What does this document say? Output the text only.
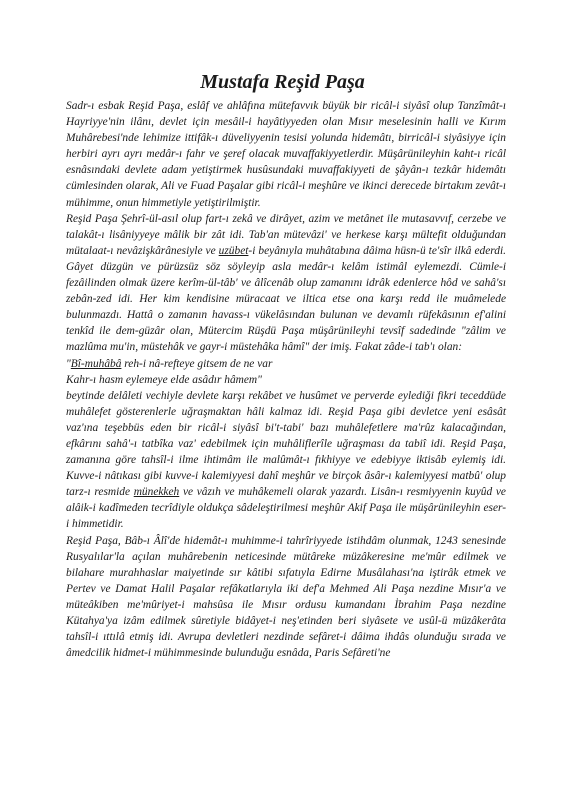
Mustafa Reşid Paşa

Sadr-ı esbak Reşid Paşa, eslâf ve ahlâfına mütefavvık büyük bir ricâl-i siyâsî olup Tanzîmât-ı Hayriyye'nin ilânı, devlet için mesâil-i hayâtiyyeden olan Mısır meselesinin halli ve Kırım Muhârebesi'nde lehimize ittifâk-ı düveliyyenin tesisi yolunda hidemâtı, birricâl-i siyâsiyye için herbiri ayrı ayrı medâr-ı fahr ve şeref olacak muvaffakiyyetlerdir. Müşârünileyhin kaht-ı ricâl esnâsındaki devlete adam yetiştirmek husûsundaki muvaffakiyyeti de şâyân-ı tezkâr hidemâtı cümlesinden olarak, Ali ve Fuad Paşalar gibi ricâl-i meşhûre ve ikinci derecede birtakım zevât-ı mühimme, onun himmetiyle yetiştirilmiştir.

Reşid Paşa Şehrî-ül-asıl olup fart-ı zekâ ve dirâyet, azim ve metânet ile mutasavvıf, cerzebe ve talakât-ı lisâniyyeye mâlik bir zât idi. Tab'an mütevâzi' ve herkese karşı mültefit olduğundan mütalaat-ı nevâzişkârânesiyle ve uzübet-i beyânıyla muhâtabına dâima hüsn-ü te'sîr ilkâ ederdi. Gâyet düzgün ve pürüzsüz söz söyleyip asla medâr-ı kelâm istimâl eylemezdi. Cümle-i fezâilinden olmak üzere kerîm-ül-tâb' ve âlîcenâb olup zamanını idrâk edenlerce hôd ve sahâ'sı zebân-zed idi. Her kim kendisine müracaat ve iltica etse ona karşı redd ile muâmelede bulunmazdı. Hattâ o zamanın havass-ı vükelâsından bulunan ve devamlı rüfekâsının ef'alini tenkîd ile dem-güzâr olan, Mütercim Rüşdü Paşa müşârünileyhi tevsîf sadedinde "zâlim ve mazlûma mu'in, müstehâk ve gayr-i müstehâka hâmî" der imiş. Fakat zâde-i tab'ı olan:

"Bî-muhâbâ reh-i nâ-refteye gitsem de ne var

Kahr-ı hasm eylemeye elde asâdır hâmem"

beytinde delâleti vechiyle devlete karşı rekâbet ve husûmet ve perverde eylediği fikri teceddüde muhâlefet gösterenlerle uğraşmaktan hâli kalmaz idi. Reşid Paşa gibi devletce yeni esâsât vaz'ına teşebbüs eden bir ricâl-i siyâsî bi't-tabi' bazı muhâlefetlere ma'rûz kalacağından, efkârını sahâ'-ı tatbîka vaz' edebilmek için muhâliflerîle uğraşması da tabiî idi. Reşid Paşa, zamanına göre tahsîl-i ilme ihtimâm ile malûmât-ı fıkhiyye ve edebiyye iktisâb eylemiş idi. Kuvve-i nâtıkası gibi kuvve-i kalemiyyesi dahî meşhûr ve birçok âsâr-ı kalemiyyesi matbû' olup tarz-ı resmide münekkeh ve vâzıh ve muhâkemeli olarak yazardı. Lisân-ı resmiyyenin kuyûd ve alâik-i kadîmeden tecrîdiyle oldukça sâdeleştirilmesi meşhûr Akif Paşa ile müşârünileyhin eser-i himmetidir.

Reşid Paşa, Bâb-ı Âlî'de hidemât-ı muhimme-i tahrîriyyede istihdâm olunmak, 1243 senesinde Rusyalılar'la açılan muhârebenin neticesinde mütâreke müzâkeresine me'mûr edilmek ve bilahare murahhaslar maiyetinde sır kâtibi sıfatıyla Edirne Musâlahası'na iştirâk etmek ve Pertev ve Damat Halil Paşalar refâkatlarıyla iki def'a Mehmed Ali Paşa nezdine Mısır'a ve müteâkiben me'mûriyet-i mahsûsa ile Mısır ordusu kumandanı İbrahim Paşa nezdine Kütahya'ya izâm edilmek sûretiyle bidâyet-i neş'etinden beri siyâsete ve usûl-ü müzâkerâta tahsîl-i ıttılâ etmiş idi. Avrupa devletleri nezdinde sefâret-i dâima ihdâs olunduğu sırada ve âmedcilik hidmet-i mühimmesinde bulunduğu esnâda, Paris Sefâreti'ne
